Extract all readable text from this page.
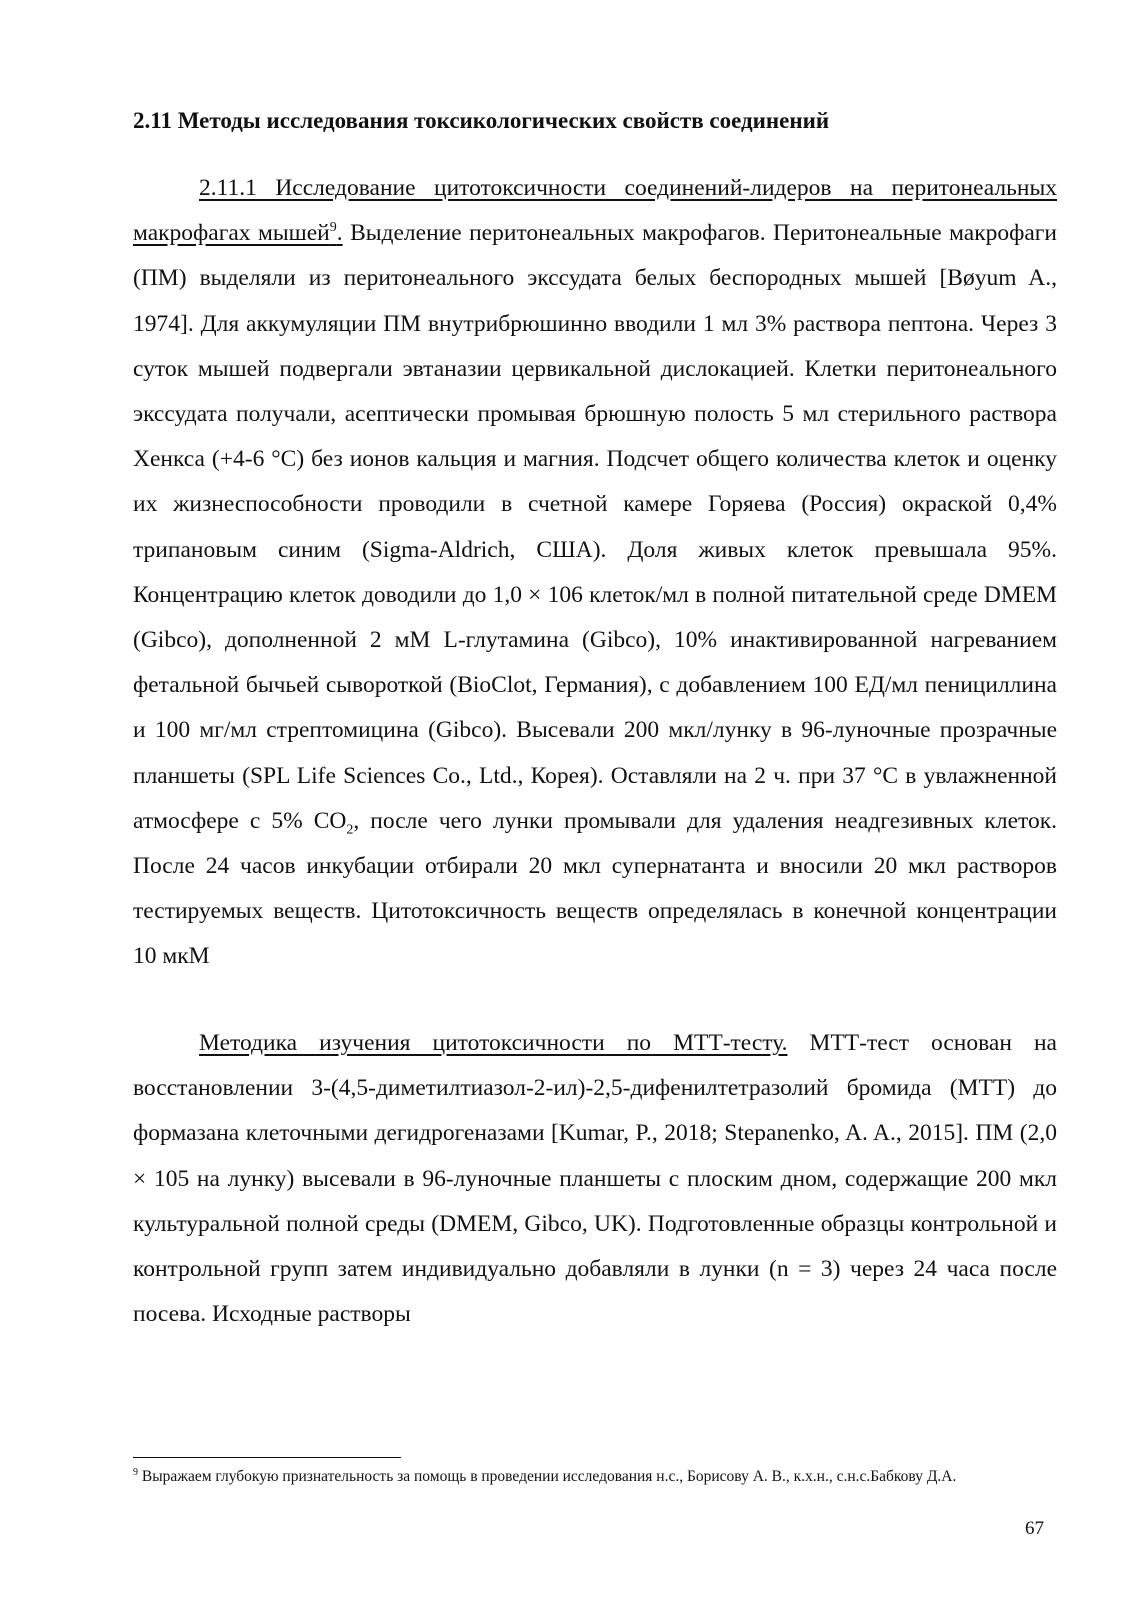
2.11 Методы исследования токсикологических свойств соединений

2.11.1 Исследование цитотоксичности соединений-лидеров на перитонеальных макрофагах мышей$^9$. Выделение перитонеальных макрофагов. Перитонеальные макрофаги (ПМ) выделяли из перитонеального экссудата белых беспородных мышей [Bøyum A., 1974]. Для аккумуляции ПМ внутрибрюшинно вводили 1 мл 3% раствора пептона. Через 3 суток мышей подвергали эвтаназии цервикальной дислокацией. Клетки перитонеального экссудата получали, асептически промывая брюшную полость 5 мл стерильного раствора Хенкса (+4-6 °С) без ионов кальция и магния. Подсчет общего количества клеток и оценку их жизнеспособности проводили в счетной камере Горяева (Россия) окраской 0,4% трипановым синим (Sigma-Aldrich, США). Доля живых клеток превышала 95%. Концентрацию клеток доводили до 1,0 × 106 клеток/мл в полной питательной среде DMEM (Gibco), дополненной 2 мМ L-глутамина (Gibco), 10% инактивированной нагреванием фетальной бычьей сывороткой (BioClot, Германия), с добавлением 100 ЕД/мл пенициллина и 100 мг/мл стрептомицина (Gibco). Высевали 200 мкл/лунку в 96-луночные прозрачные планшеты (SPL Life Sciences Co., Ltd., Корея). Оставляли на 2 ч. при 37 °С в увлажненной атмосфере с 5% $CO_2$, после чего лунки промывали для удаления неадгезивных клеток. После 24 часов инкубации отбирали 20 мкл супернатанта и вносили 20 мкл растворов тестируемых веществ. Цитотоксичность веществ определялась в конечной концентрации 10 мкМ

Методика изучения цитотоксичности по МТТ-тесту. МТТ-тест основан на восстановлении 3-(4,5-диметилтиазол-2-ил)-2,5-дифенилтетразолий бромида (МТТ) до формазана клеточными дегидрогеназами [Kumar, P., 2018; Stepanenko, A. A., 2015]. ПМ (2,0 × 105 на лунку) высевали в 96-луночные планшеты с плоским дном, содержащие 200 мкл культуральной полной среды (DMEM, Gibco, UK). Подготовленные образцы контрольной и контрольной групп затем индивидуально добавляли в лунки (n = 3) через 24 часа после посева. Исходные растворы

$^9$ Выражаем глубокую признательность за помощь в проведении исследования н.с., Борисову А. В., к.х.н., с.н.с.Бабкову Д.А.

67
